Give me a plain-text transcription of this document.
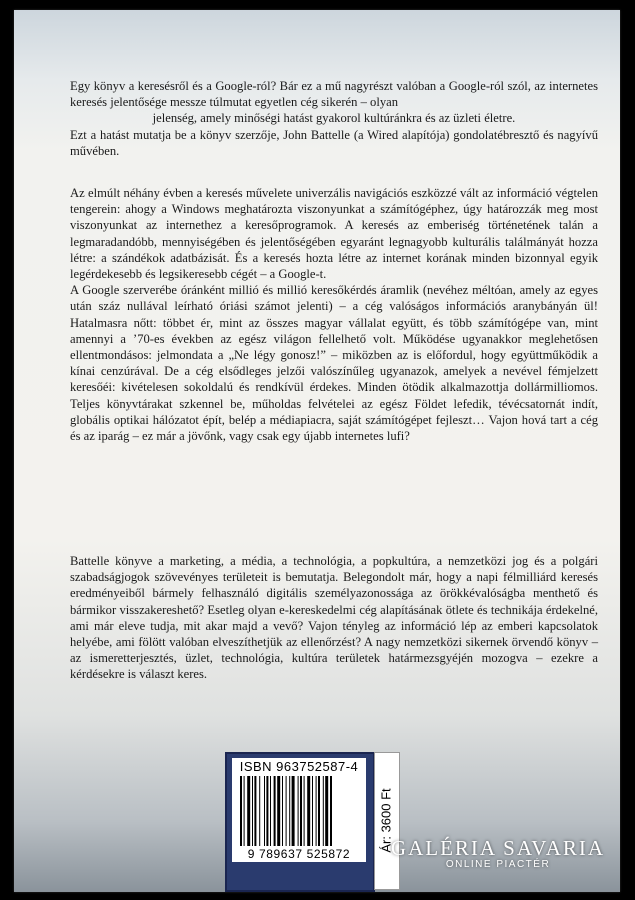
Egy könyv a keresésről és a Google-ról? Bár ez a mű nagyrészt valóban a Google-ról szól, az internetes keresés jelentősége messze túlmutat egyetlen cég sikerén – olyan

jelenség, amely minőségi hatást gyakorol kultúránkra és az üzleti életre.

Ezt a hatást mutatja be a könyv szerzője, John Battelle (a Wired alapítója) gondolatébresztő és nagyívű művében.

Az elmúlt néhány évben a keresés művelete univerzális navigációs eszközzé vált az információ végtelen tengerein: ahogy a Windows meghatározta viszonyunkat a számítógéphez, úgy határozzák meg most viszonyunkat az internethez a keresőprogramok. A keresés az emberiség történetének talán a legmaradandóbb, mennyiségében és jelentőségében egyaránt legnagyobb kulturális találmányát hozza létre: a szándékok adatbázisát. És a keresés hozta létre az internet korának minden bizonnyal egyik legérdekesebb és legsikeresebb cégét – a Google-t.

A Google szerverébe óránként millió és millió keresőkérdés áramlik (nevéhez méltóan, amely az egyes után száz nullával leírható óriási számot jelenti) – a cég valóságos információs aranybányán ül! Hatalmasra nőtt: többet ér, mint az összes magyar vállalat együtt, és több számítógépe van, mint amennyi a ’70-es években az egész világon fellelhető volt. Működése ugyanakkor meglehetősen ellentmondásos: jelmondata a „Ne légy gonosz!” – miközben az is előfordul, hogy együttműködik a kínai cenzúrával. De a cég elsődleges jelzői valószínűleg ugyanazok, amelyek a nevével fémjelzett keresőéi: kivételesen sokoldalú és rendkívül érdekes. Minden ötödik alkalmazottja dollármilliomos. Teljes könyvtárakat szkennel be, műholdas felvételei az egész Földet lefedik, tévécsatornát indít, globális optikai hálózatot épít, belép a médiapiacra, saját számítógépet fejleszt… Vajon hová tart a cég és az iparág – ez már a jövőnk, vagy csak egy újabb internetes lufi?

Battelle könyve a marketing, a média, a technológia, a popkultúra, a nemzetközi jog és a polgári szabadságjogok szövevényes területeit is bemutatja. Belegondolt már, hogy a napi félmilliárd keresés eredményeiből bármely felhasználó digitális személyazonossága az örökkévalóságba menthető és bármikor visszakereshető? Esetleg olyan e-kereskedelmi cég alapításának ötlete és technikája érdekelné, ami már eleve tudja, mit akar majd a vevő? Vajon tényleg az információ lép az emberi kapcsolatok helyébe, ami fölött valóban elveszíthetjük az ellenőrzést? A nagy nemzetközi sikernek örvendő könyv – az ismeretterjesztés, üzlet, technológia, kultúra területek határmezsgyéjén mozogva – ezekre a kérdésekre is választ keres.

ISBN 963752587-4
9 789637 525872
Ár: 3600 Ft
GALÉRIA SAVARIA
ONLINE PIACTÉR
